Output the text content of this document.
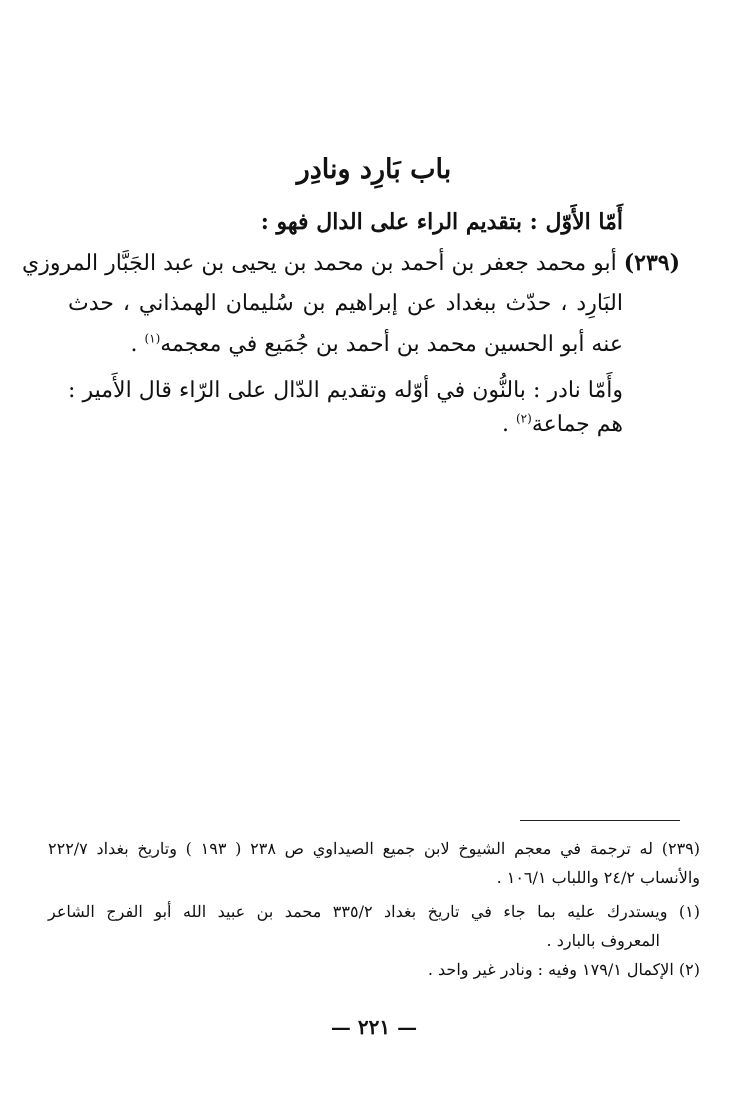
باب بَارِد ونادِر

أَمّا الأَوّل : بتقديم الراء على الدال فهو :

(٢٣٩) أبو محمد جعفر بن أحمد بن محمد بن يحيى بن عبد الجَبَّار المروزي

البَارِد ، حدّث ببغداد عن إبراهيم بن سُليمان الهمذاني ، حدث

عنه أبو الحسين محمد بن أحمد بن جُمَيع في معجمه$^{(١)}$ .

وأَمّا نادر : بالنُّون في أوّله وتقديم الدّال على الرّاء قال الأَمير :

هم جماعة$^{(٢)}$ .

(٢٣٩) له ترجمة في معجم الشيوخ لابن جميع الصيداوي ص ٢٣٨ ( ١٩٣ ) وتاريخ بغداد ٢٢٢/٧

والأنساب ٢٤/٢ واللباب ١٠٦/١ .

(١) ويستدرك عليه بما جاء في تاريخ بغداد ٣٣٥/٢ محمد بن عبيد الله أبو الفرج الشاعر

المعروف بالبارد .

(٢) الإكمال ١٧٩/١ وفيه : ونادر غير واحد .

— ٢٢١ —
